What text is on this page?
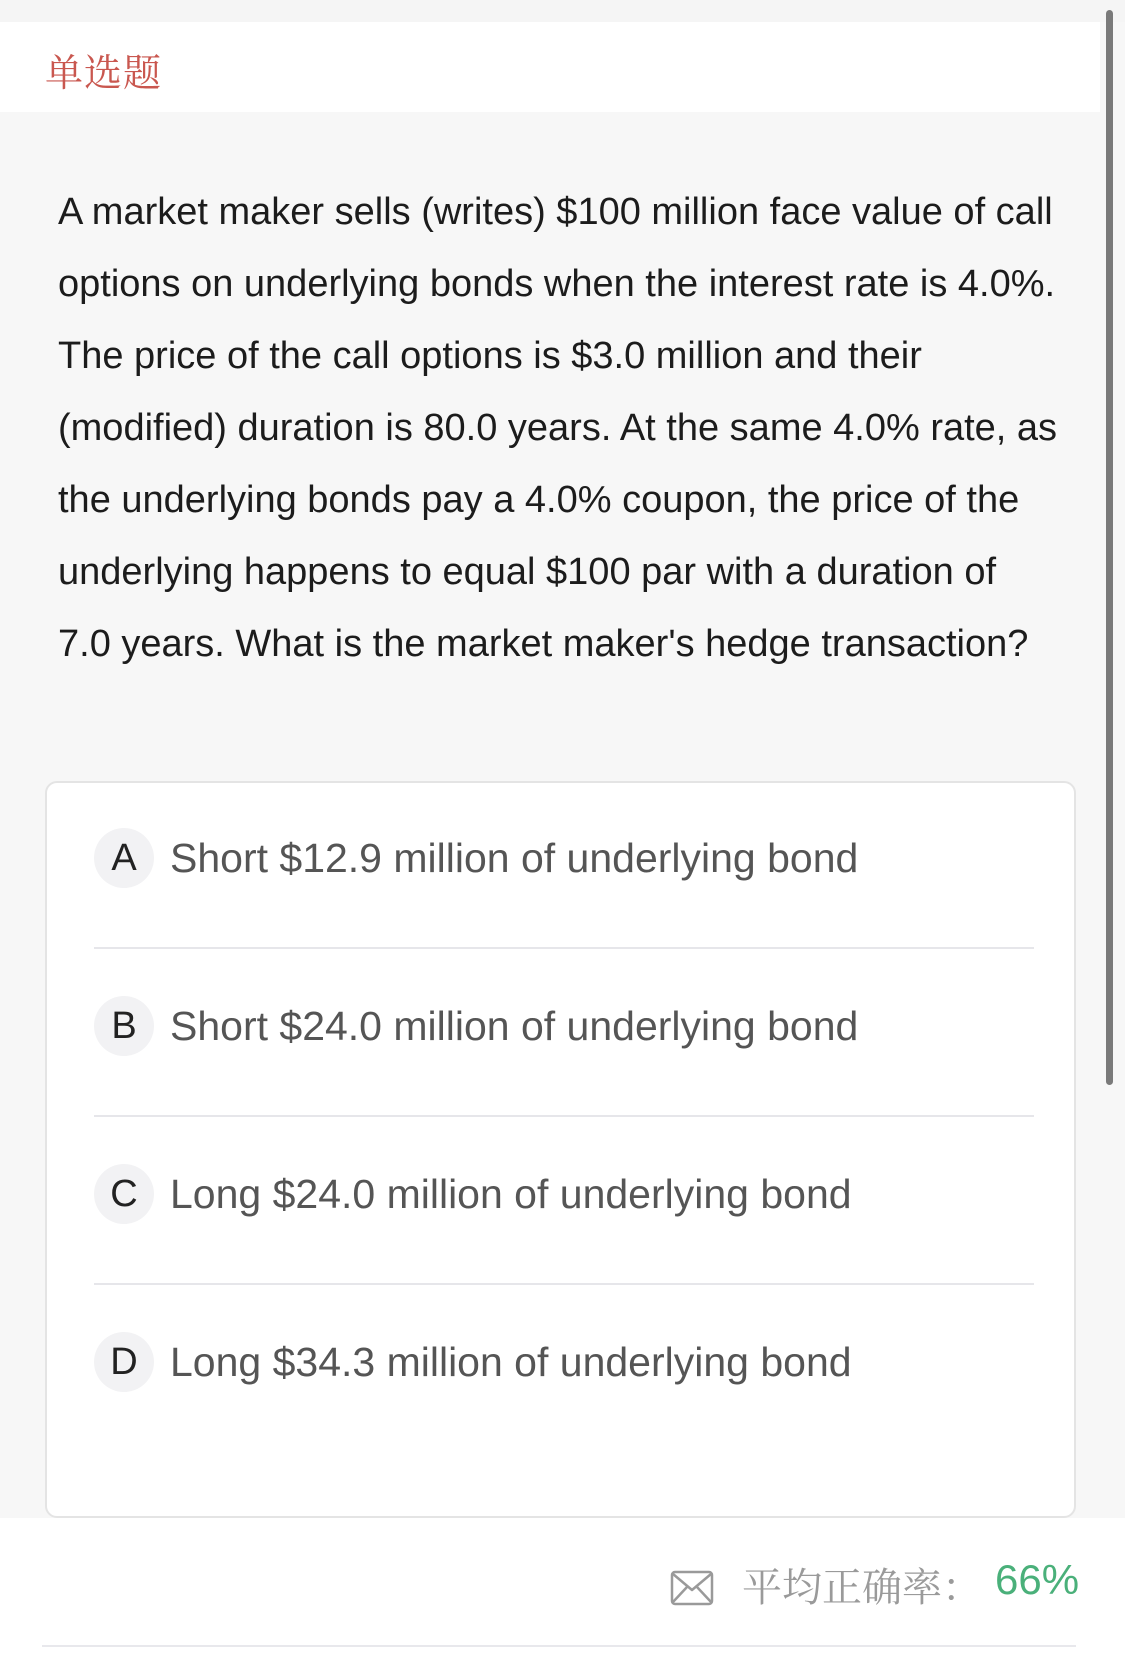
单选题
A market maker sells (writes) $100 million face value of call options on underlying bonds when the interest rate is 4.0%. The price of the call options is $3.0 million and their (modified) duration is 80.0 years. At the same 4.0% rate, as the underlying bonds pay a 4.0% coupon, the price of the underlying happens to equal $100 par with a duration of 7.0 years. What is the market maker's hedge transaction?
A Short $12.9 million of underlying bond
B Short $24.0 million of underlying bond
C Long $24.0 million of underlying bond
D Long $34.3 million of underlying bond
平均正确率： 66%
